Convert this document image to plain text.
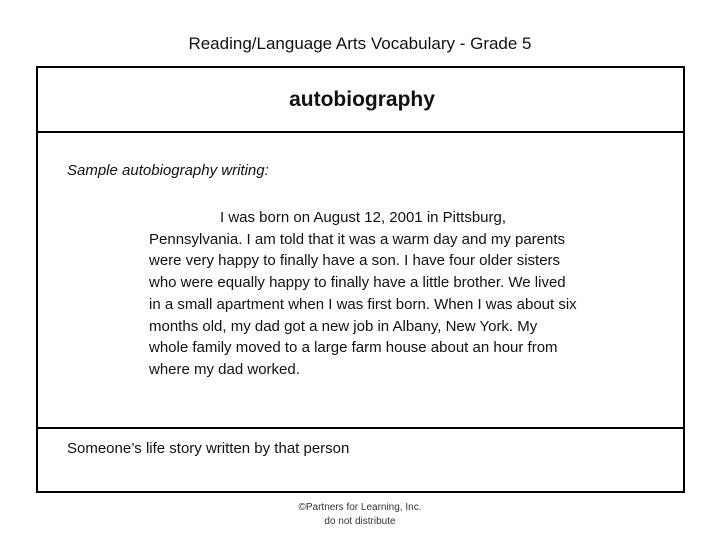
Reading/Language Arts Vocabulary - Grade 5
autobiography
Sample autobiography writing:

I was born on August 12, 2001 in Pittsburg, Pennsylvania. I am told that it was a warm day and my parents were very happy to finally have a son. I have four older sisters who were equally happy to finally have a little brother. We lived in a small apartment when I was first born. When I was about six months old, my dad got a new job in Albany, New York. My whole family moved to a large farm house about an hour from where my dad worked.

Someone’s life story written by that person
©Partners for Learning, Inc.
do not distribute
